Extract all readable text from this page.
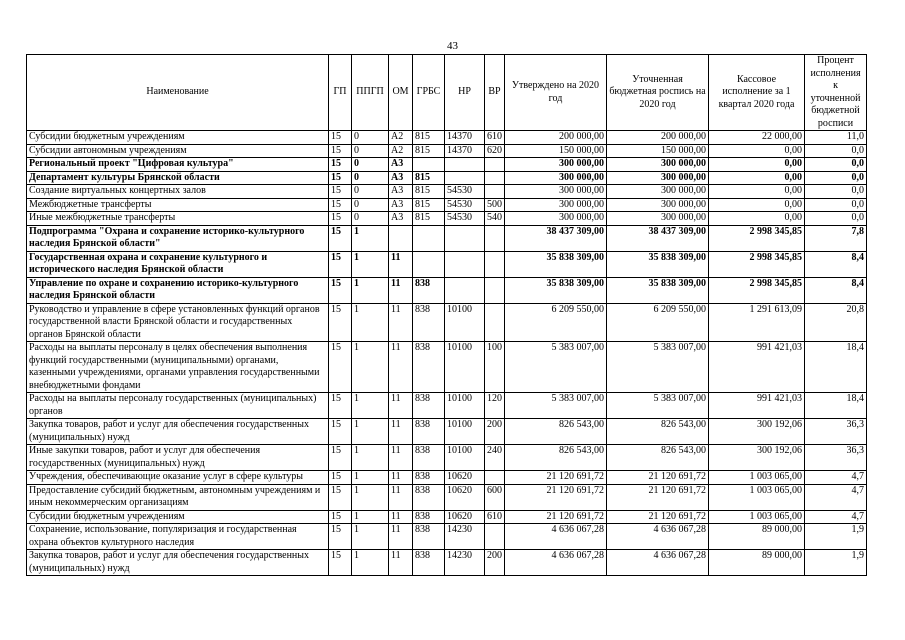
43
Наименование	ГП	ППГП	ОМ	ГРБС	НР	ВР	Утверждено на 2020 год	Уточненная бюджетная роспись на 2020 год	Кассовое исполнение за 1 квартал 2020 года	Процент исполнения к уточненной бюджетной росписи
Субсидии бюджетным учреждениям	15	0	А2	815	14370	610	200 000,00	200 000,00	22 000,00	11,0
Субсидии автономным учреждениям	15	0	А2	815	14370	620	150 000,00	150 000,00	0,00	0,0
Региональный проект "Цифровая культура"	15	0	А3				300 000,00	300 000,00	0,00	0,0
Департамент культуры Брянской области	15	0	А3	815			300 000,00	300 000,00	0,00	0,0
Создание виртуальных концертных залов	15	0	А3	815	54530		300 000,00	300 000,00	0,00	0,0
Межбюджетные трансферты	15	0	А3	815	54530	500	300 000,00	300 000,00	0,00	0,0
Иные межбюджетные трансферты	15	0	А3	815	54530	540	300 000,00	300 000,00	0,00	0,0
Подпрограмма "Охрана и сохранение историко-культурного наследия Брянской области"	15	1					38 437 309,00	38 437 309,00	2 998 345,85	7,8
Государственная охрана и сохранение культурного и исторического наследия Брянской области	15	1	11				35 838 309,00	35 838 309,00	2 998 345,85	8,4
Управление по охране и сохранению историко-культурного наследия Брянской области	15	1	11	838			35 838 309,00	35 838 309,00	2 998 345,85	8,4
Руководство и управление в сфере установленных функций органов государственной власти Брянской области и государственных органов Брянской области	15	1	11	838	10100		6 209 550,00	6 209 550,00	1 291 613,09	20,8
Расходы на выплаты персоналу в целях обеспечения выполнения функций государственными (муниципальными) органами, казенными учреждениями, органами управления государственными внебюджетными фондами	15	1	11	838	10100	100	5 383 007,00	5 383 007,00	991 421,03	18,4
Расходы на выплаты персоналу государственных (муниципальных) органов	15	1	11	838	10100	120	5 383 007,00	5 383 007,00	991 421,03	18,4
Закупка товаров, работ и услуг для обеспечения государственных (муниципальных) нужд	15	1	11	838	10100	200	826 543,00	826 543,00	300 192,06	36,3
Иные закупки товаров, работ и услуг для обеспечения государственных (муниципальных) нужд	15	1	11	838	10100	240	826 543,00	826 543,00	300 192,06	36,3
Учреждения, обеспечивающие оказание услуг в сфере культуры	15	1	11	838	10620		21 120 691,72	21 120 691,72	1 003 065,00	4,7
Предоставление субсидий бюджетным, автономным учреждениям и иным некоммерческим организациям	15	1	11	838	10620	600	21 120 691,72	21 120 691,72	1 003 065,00	4,7
Субсидии бюджетным учреждениям	15	1	11	838	10620	610	21 120 691,72	21 120 691,72	1 003 065,00	4,7
Сохранение, использование, популяризация и государственная охрана объектов культурного наследия	15	1	11	838	14230		4 636 067,28	4 636 067,28	89 000,00	1,9
Закупка товаров, работ и услуг для обеспечения государственных (муниципальных) нужд	15	1	11	838	14230	200	4 636 067,28	4 636 067,28	89 000,00	1,9
